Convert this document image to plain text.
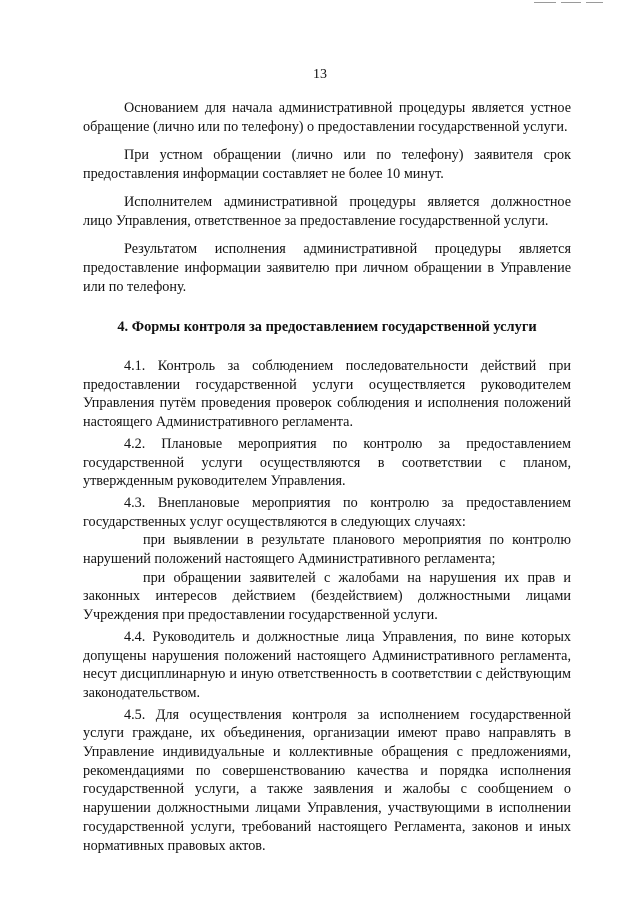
13

Основанием для начала административной процедуры является устное обращение (лично или по телефону) о предоставлении государственной услуги.

При устном обращении (лично или по телефону) заявителя срок предоставления информации составляет не более 10 минут.

Исполнителем административной процедуры является должностное лицо Управления, ответственное за предоставление государственной услуги.

Результатом исполнения административной процедуры является предоставление информации заявителю при личном обращении в Управление или по телефону.

4. Формы контроля за предоставлением государственной услуги

4.1. Контроль за соблюдением последовательности действий при предоставлении государственной услуги осуществляется руководителем Управления путём проведения проверок соблюдения и исполнения положений настоящего Административного регламента.

4.2. Плановые мероприятия по контролю за предоставлением государственной услуги осуществляются в соответствии с планом, утвержденным руководителем Управления.

4.3. Внеплановые мероприятия по контролю за предоставлением государственных услуг осуществляются в следующих случаях:

при выявлении в результате планового мероприятия по контролю нарушений положений настоящего Административного регламента;

при обращении заявителей с жалобами на нарушения их прав и законных интересов действием (бездействием) должностными лицами Учреждения при предоставлении государственной услуги.

4.4. Руководитель и должностные лица Управления, по вине которых допущены нарушения положений настоящего Административного регламента, несут дисциплинарную и иную ответственность в соответствии с действующим законодательством.

4.5. Для осуществления контроля за исполнением государственной услуги граждане, их объединения, организации имеют право направлять в Управление индивидуальные и коллективные обращения с предложениями, рекомендациями по совершенствованию качества и порядка исполнения государственной услуги, а также заявления и жалобы с сообщением о нарушении должностными лицами Управления, участвующими в исполнении государственной услуги, требований настоящего Регламента, законов и иных нормативных правовых актов.
